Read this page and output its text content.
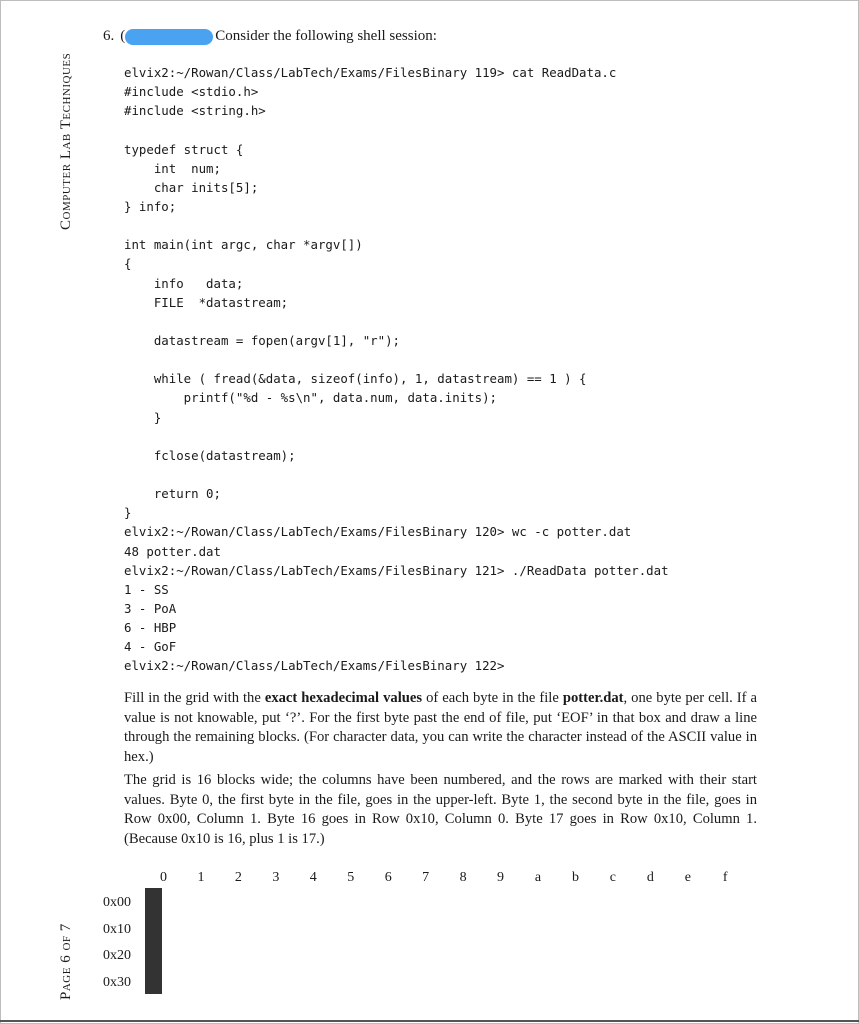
Computer Lab Techniques
Page 6 of 7
6. (	Consider the following shell session:
elvix2:~/Rowan/Class/LabTech/Exams/FilesBinary 119> cat ReadData.c
#include <stdio.h>
#include <string.h>
typedef struct {
int  num;
char inits[5];
} info;
int main(int argc, char *argv[])
{
info   data;
FILE  *datastream;
datastream = fopen(argv[1], "r");
while ( fread(&data, sizeof(info), 1, datastream) == 1 ) {
printf("%d - %s\n", data.num, data.inits);
}
fclose(datastream);
return 0;
}
elvix2:~/Rowan/Class/LabTech/Exams/FilesBinary 120> wc -c potter.dat
48 potter.dat
elvix2:~/Rowan/Class/LabTech/Exams/FilesBinary 121> ./ReadData potter.dat
1 - SS
3 - PoA
6 - HBP
4 - GoF
elvix2:~/Rowan/Class/LabTech/Exams/FilesBinary 122>
Fill in the grid with the exact hexadecimal values of each byte in the file potter.dat, one byte per cell. If a value is not knowable, put ‘?’. For the first byte past the end of file, put ‘EOF’ in that box and draw a line through the remaining blocks. (For character data, you can write the character instead of the ASCII value in hex.)
The grid is 16 blocks wide; the columns have been numbered, and the rows are marked with their start values. Byte 0, the first byte in the file, goes in the upper-left. Byte 1, the second byte in the file, goes in Row 0x00, Column 1. Byte 16 goes in Row 0x10, Column 0. Byte 17 goes in Row 0x10, Column 1. (Because 0x10 is 16, plus 1 is 17.)
0	1	2	3	4	5	6	7	8	9	a	b	c	d	e	f
0x00
0x10
0x20
0x30
